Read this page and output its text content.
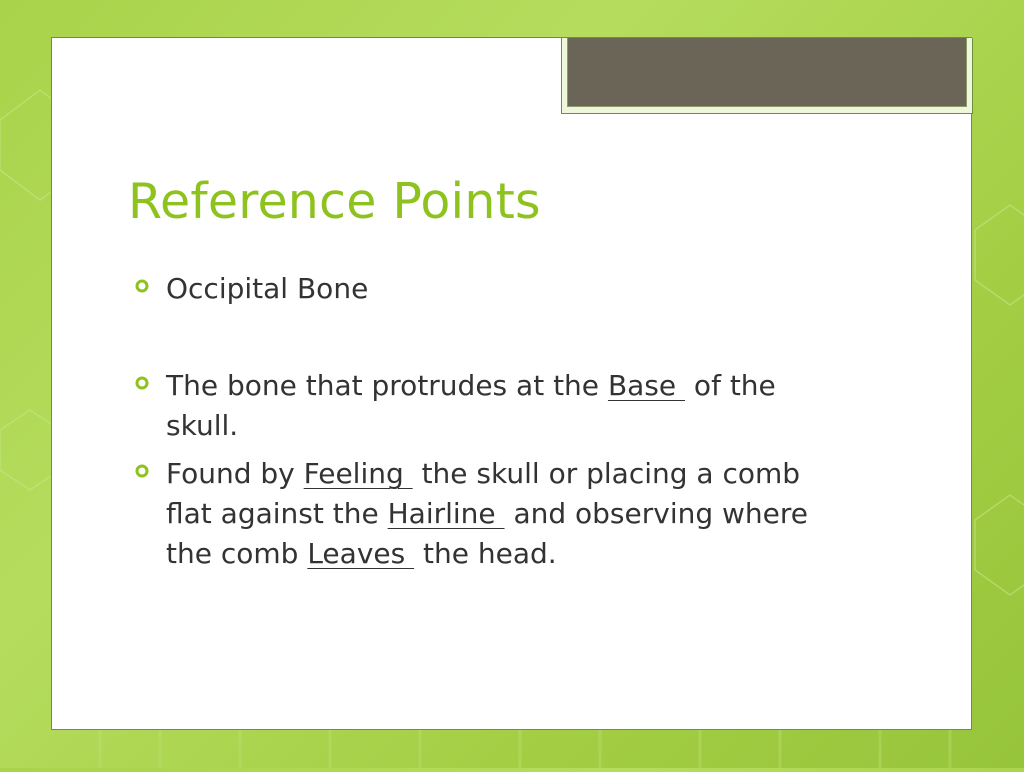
Reference Points
Occipital Bone
The bone that protrudes at the Base  of the skull.
Found by Feeling  the skull or placing a comb flat against the Hairline  and observing where the comb Leaves  the head.
